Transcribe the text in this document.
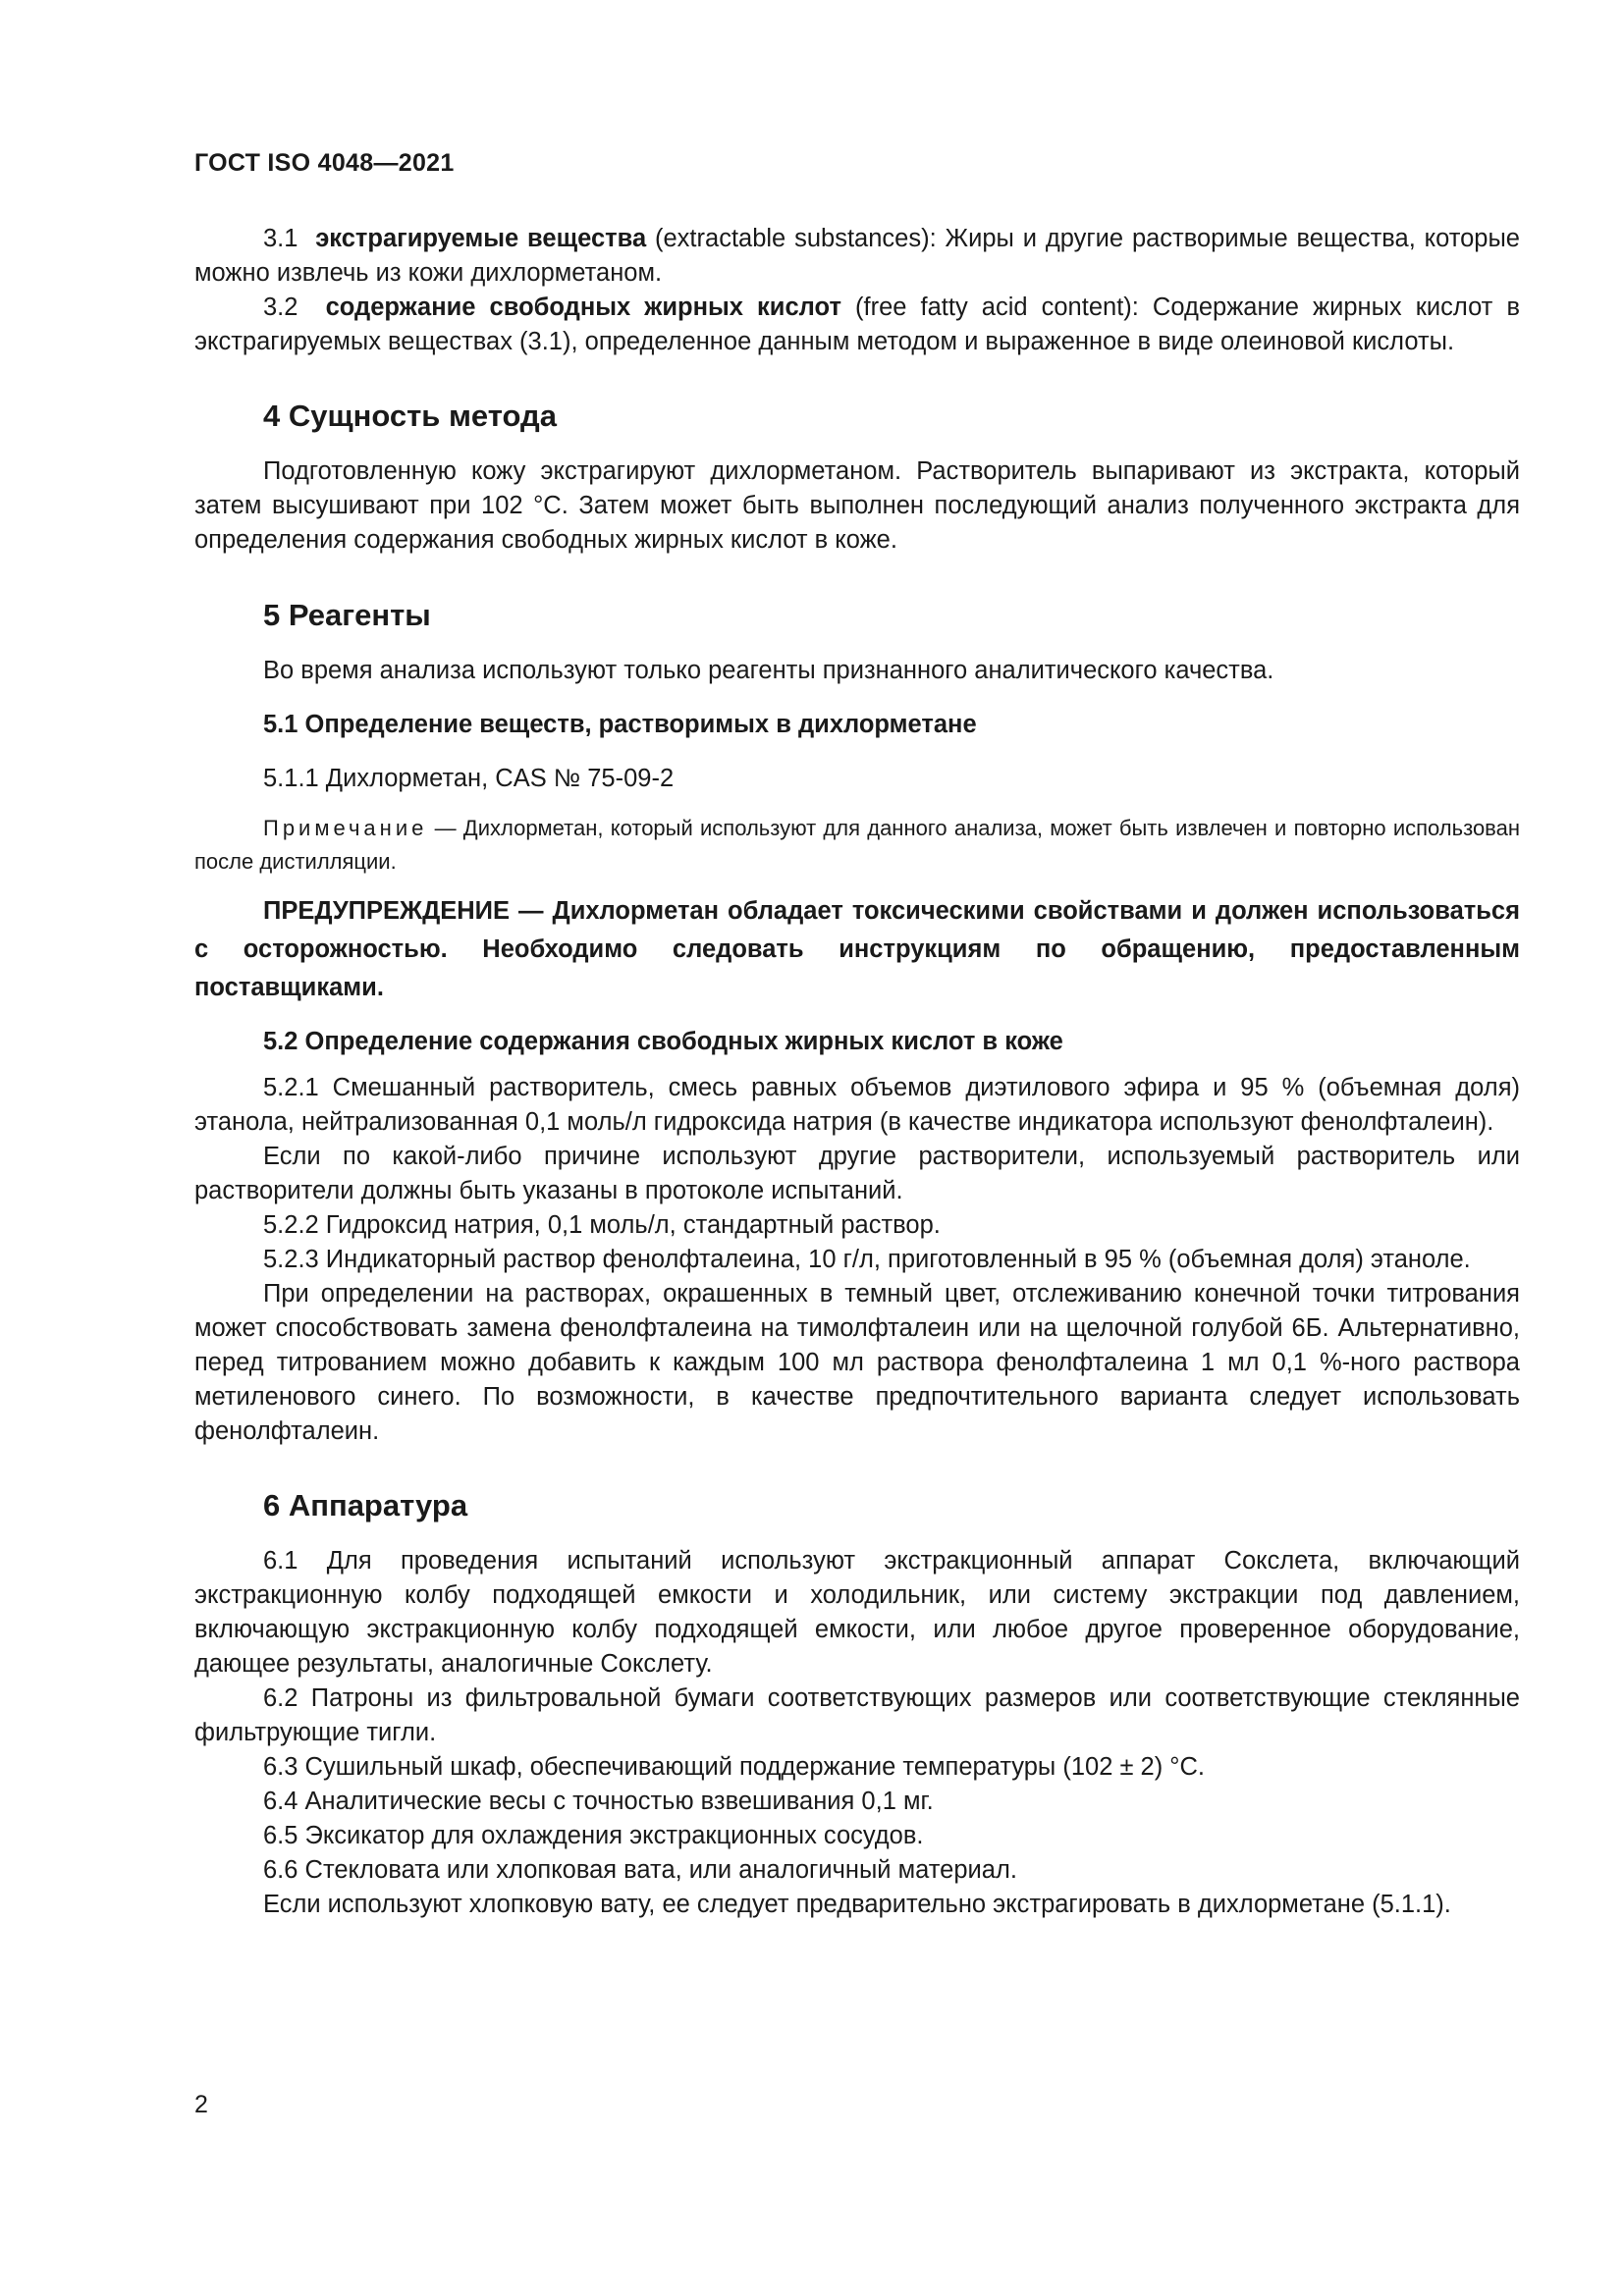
ГОСТ ISO 4048—2021

3.1 экстрагируемые вещества (extractable substances): Жиры и другие растворимые вещества, которые можно извлечь из кожи дихлорметаном.

3.2 содержание свободных жирных кислот (free fatty acid content): Содержание жирных кислот в экстрагируемых веществах (3.1), определенное данным методом и выраженное в виде олеиновой кислоты.

4 Сущность метода

Подготовленную кожу экстрагируют дихлорметаном. Растворитель выпаривают из экстракта, который затем высушивают при 102 °C. Затем может быть выполнен последующий анализ полученного экстракта для определения содержания свободных жирных кислот в коже.

5 Реагенты

Во время анализа используют только реагенты признанного аналитического качества.

5.1 Определение веществ, растворимых в дихлорметане

5.1.1 Дихлорметан, CAS № 75-09-2

Примечание — Дихлорметан, который используют для данного анализа, может быть извлечен и повторно использован после дистилляции.

ПРЕДУПРЕЖДЕНИЕ — Дихлорметан обладает токсическими свойствами и должен использоваться с осторожностью. Необходимо следовать инструкциям по обращению, предоставленным поставщиками.

5.2 Определение содержания свободных жирных кислот в коже

5.2.1 Смешанный растворитель, смесь равных объемов диэтилового эфира и 95 % (объемная доля) этанола, нейтрализованная 0,1 моль/л гидроксида натрия (в качестве индикатора используют фенолфталеин).

Если по какой-либо причине используют другие растворители, используемый растворитель или растворители должны быть указаны в протоколе испытаний.

5.2.2 Гидроксид натрия, 0,1 моль/л, стандартный раствор.

5.2.3 Индикаторный раствор фенолфталеина, 10 г/л, приготовленный в 95 % (объемная доля) этаноле.

При определении на растворах, окрашенных в темный цвет, отслеживанию конечной точки титрования может способствовать замена фенолфталеина на тимолфталеин или на щелочной голубой 6Б. Альтернативно, перед титрованием можно добавить к каждым 100 мл раствора фенолфталеина 1 мл 0,1 %-ного раствора метиленового синего. По возможности, в качестве предпочтительного варианта следует использовать фенолфталеин.

6 Аппаратура

6.1 Для проведения испытаний используют экстракционный аппарат Сокслета, включающий экстракционную колбу подходящей емкости и холодильник, или систему экстракции под давлением, включающую экстракционную колбу подходящей емкости, или любое другое проверенное оборудование, дающее результаты, аналогичные Сокслету.

6.2 Патроны из фильтровальной бумаги соответствующих размеров или соответствующие стеклянные фильтрующие тигли.

6.3 Сушильный шкаф, обеспечивающий поддержание температуры (102 ± 2) °C.

6.4 Аналитические весы с точностью взвешивания 0,1 мг.

6.5 Эксикатор для охлаждения экстракционных сосудов.

6.6 Стекловата или хлопковая вата, или аналогичный материал.

Если используют хлопковую вату, ее следует предварительно экстрагировать в дихлорметане (5.1.1).

2
